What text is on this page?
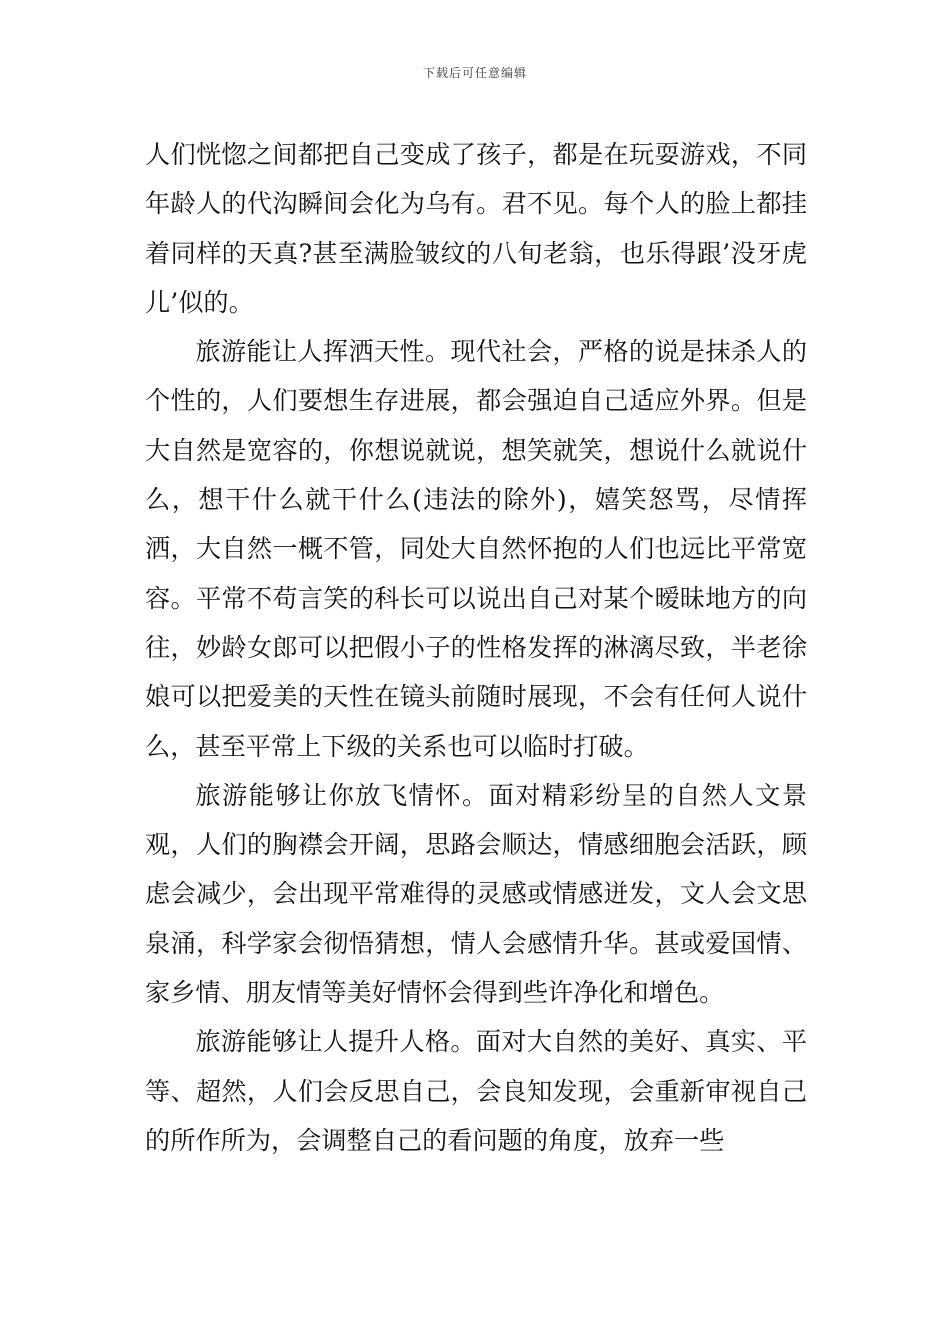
下载后可任意编辑

人们恍惚之间都把自己变成了孩子，都是在玩耍游戏，不同年龄人的代沟瞬间会化为乌有。君不见。每个人的脸上都挂着同样的天真?甚至满脸皱纹的八旬老翁，也乐得跟’没牙虎儿’似的。

旅游能让人挥洒天性。现代社会，严格的说是抹杀人的个性的，人们要想生存进展，都会强迫自己适应外界。但是大自然是宽容的，你想说就说，想笑就笑，想说什么就说什么，想干什么就干什么(违法的除外)，嬉笑怒骂，尽情挥洒，大自然一概不管，同处大自然怀抱的人们也远比平常宽容。平常不苟言笑的科长可以说出自己对某个暧昧地方的向往，妙龄女郎可以把假小子的性格发挥的淋漓尽致，半老徐娘可以把爱美的天性在镜头前随时展现，不会有任何人说什么，甚至平常上下级的关系也可以临时打破。

旅游能够让你放飞情怀。面对精彩纷呈的自然人文景观，人们的胸襟会开阔，思路会顺达，情感细胞会活跃，顾虑会减少，会出现平常难得的灵感或情感迸发，文人会文思泉涌，科学家会彻悟猜想，情人会感情升华。甚或爱国情、家乡情、朋友情等美好情怀会得到些许净化和增色。

旅游能够让人提升人格。面对大自然的美好、真实、平等、超然，人们会反思自己，会良知发现，会重新审视自己的所作所为，会调整自己的看问题的角度，放弃一些
